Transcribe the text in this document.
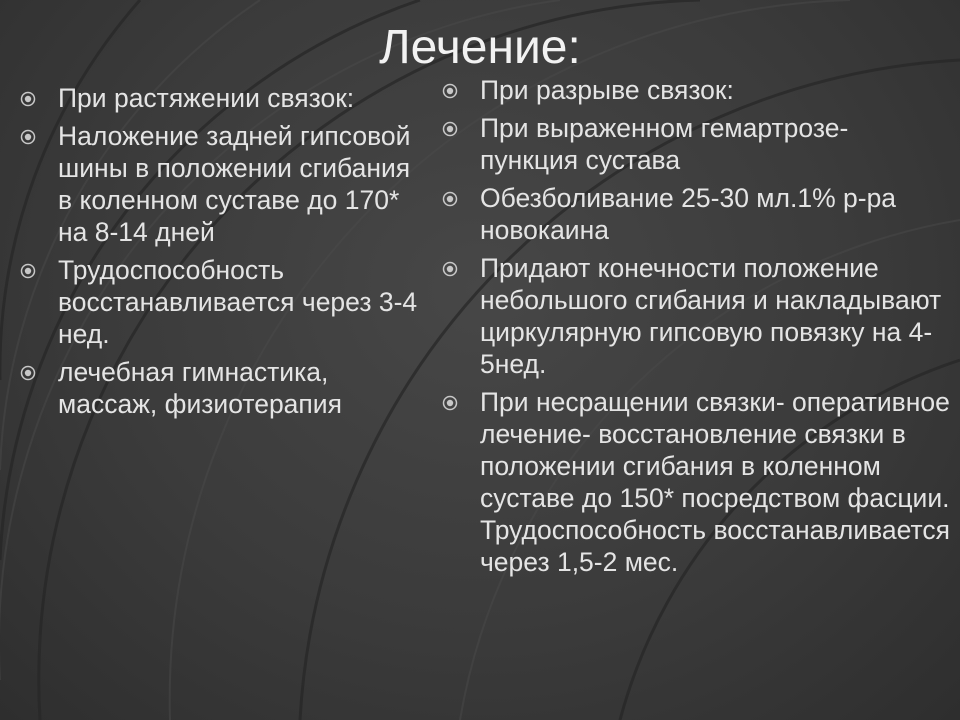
Лечение:
При растяжении связок:
Наложение задней гипсовой шины в положении сгибания в коленном суставе до 170* на 8-14 дней
Трудоспособность восстанавливается через 3-4 нед.
лечебная гимнастика, массаж, физиотерапия
При разрыве связок:
При выраженном гемартрозе- пункция сустава
Обезболивание 25-30 мл.1% р-ра новокаина
Придают конечности положение небольшого сгибания и накладывают циркулярную гипсовую повязку на 4-5нед.
При несращении связки- оперативное лечение- восстановление связки в положении сгибания в коленном суставе до 150* посредством фасции. Трудоспособность восстанавливается через 1,5-2 мес.
